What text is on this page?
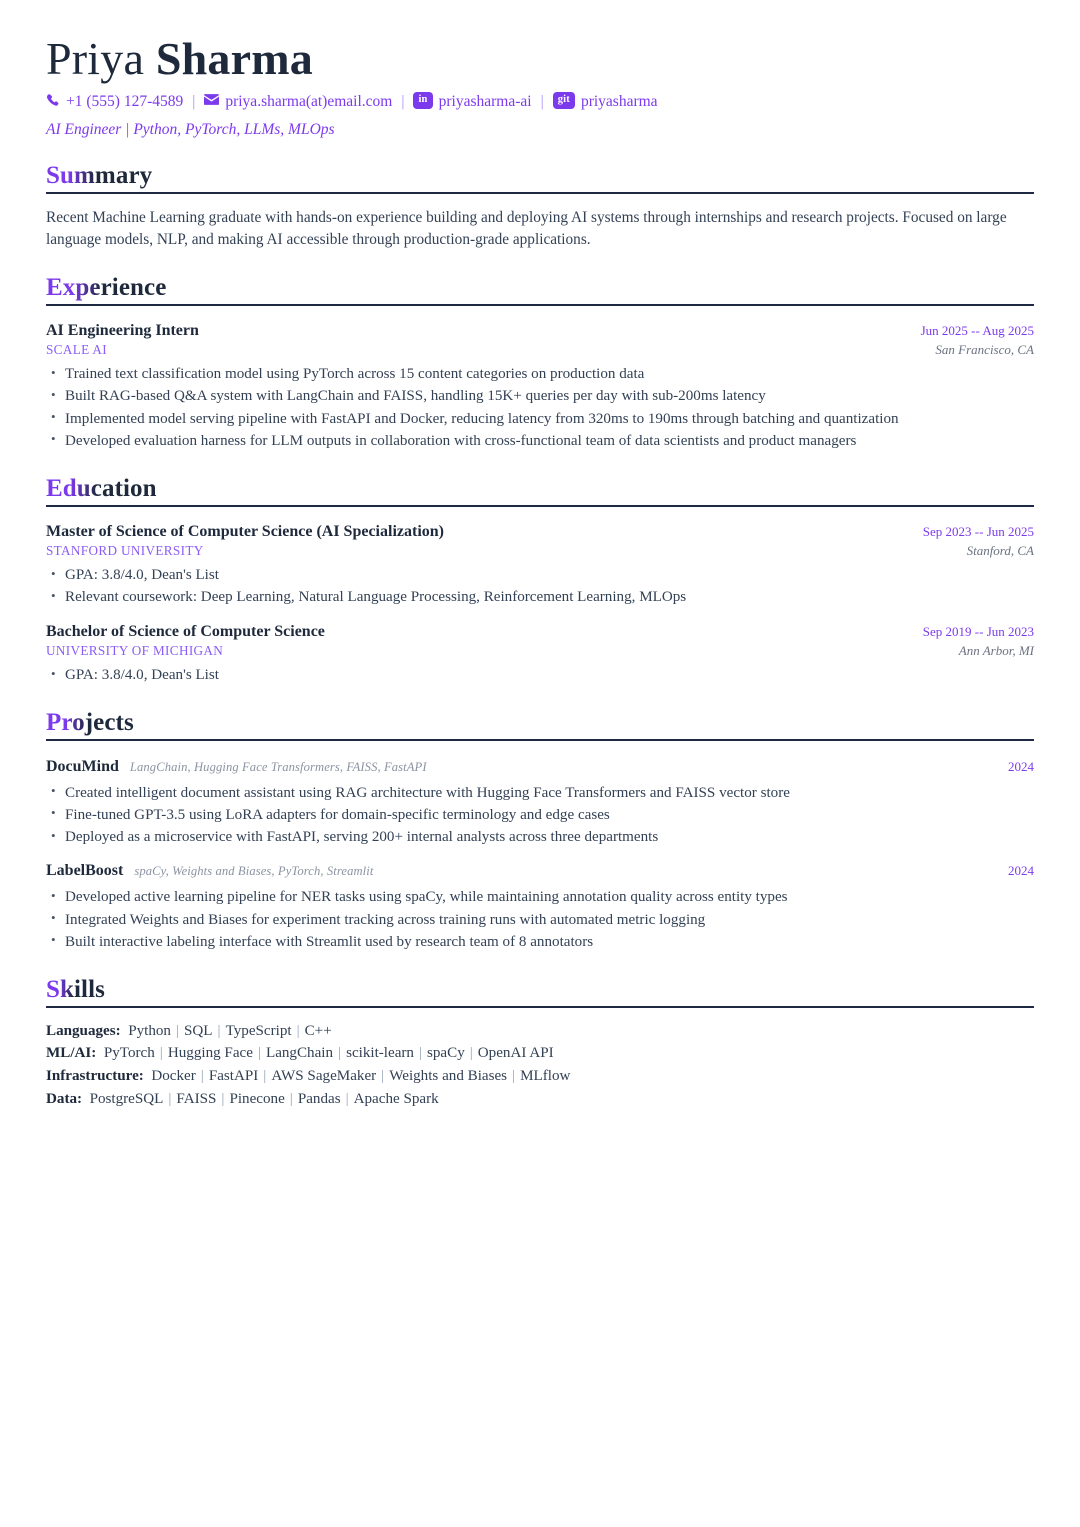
Priya Sharma
+1 (555) 127-4589 | priya.sharma(at)email.com |	in priyasharma-ai |	git priyasharma
AI Engineer | Python, PyTorch, LLMs, MLOps
Summary

Recent Machine Learning graduate with hands-on experience building and deploying AI systems through internships and research projects. Focused on large language models, NLP, and making AI accessible through production-grade applications.

Experience
AI Engineering Intern	Jun 2025 -- Aug 2025
SCALE AI	San Francisco, CA
• Trained text classification model using PyTorch across 15 content categories on production data
• Built RAG-based Q&A system with LangChain and FAISS, handling 15K+ queries per day with sub-200ms latency
• Implemented model serving pipeline with FastAPI and Docker, reducing latency from 320ms to 190ms through batching and quantization
• Developed evaluation harness for LLM outputs in collaboration with cross-functional team of data scientists and product managers
Education
Master of Science of Computer Science (AI Specialization)	Sep 2023 -- Jun 2025
STANFORD UNIVERSITY	Stanford, CA
• GPA: 3.8/4.0, Dean's List
• Relevant coursework: Deep Learning, Natural Language Processing, Reinforcement Learning, MLOps
Bachelor of Science of Computer Science	Sep 2019 -- Jun 2023
UNIVERSITY OF MICHIGAN	Ann Arbor, MI
• GPA: 3.8/4.0, Dean's List
Projects
DocuMind LangChain, Hugging Face Transformers, FAISS, FastAPI	2024
• Created intelligent document assistant using RAG architecture with Hugging Face Transformers and FAISS vector store
• Fine-tuned GPT-3.5 using LoRA adapters for domain-specific terminology and edge cases
• Deployed as a microservice with FastAPI, serving 200+ internal analysts across three departments
LabelBoost spaCy, Weights and Biases, PyTorch, Streamlit	2024
• Developed active learning pipeline for NER tasks using spaCy, while maintaining annotation quality across entity types
• Integrated Weights and Biases for experiment tracking across training runs with automated metric logging
• Built interactive labeling interface with Streamlit used by research team of 8 annotators
Skills
Languages: Python | SQL | TypeScript | C++
ML/AI: PyTorch | Hugging Face | LangChain | scikit-learn | spaCy | OpenAI API
Infrastructure: Docker | FastAPI | AWS SageMaker | Weights and Biases | MLflow
Data: PostgreSQL | FAISS | Pinecone | Pandas | Apache Spark
